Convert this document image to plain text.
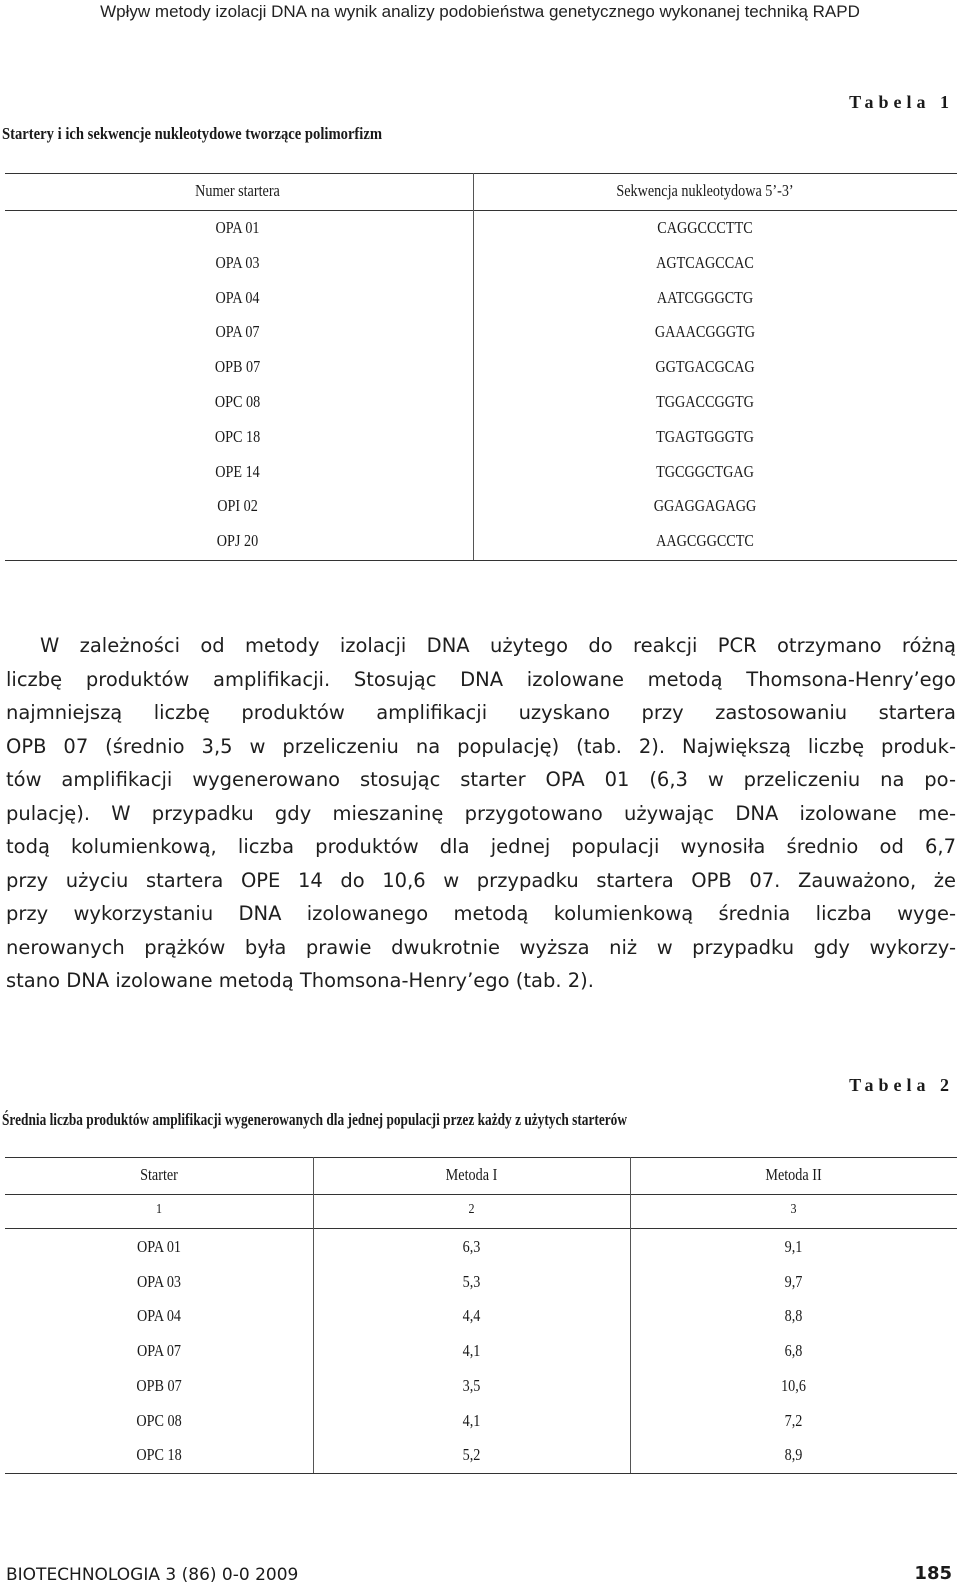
Wpływ metody izolacji DNA na wynik analizy podobieństwa genetycznego wykonanej techniką RAPD
Tabela 1
Startery i ich sekwencje nukleotydowe tworzące polimorfizm
Numer startera	Sekwencja nukleotydowa 5’-3’
OPA 01	CAGGCCCTTC
OPA 03	AGTCAGCCAC
OPA 04	AATCGGGCTG
OPA 07	GAAACGGGTG
OPB 07	GGTGACGCAG
OPC 08	TGGACCGGTG
OPC 18	TGAGTGGGTG
OPE 14	TGCGGCTGAG
OPI 02	GGAGGAGAGG
OPJ 20	AAGCGGCCTC
W zależności od metody izolacji DNA użytego do reakcji PCR otrzymano różną
liczbę produktów amplifikacji. Stosując DNA izolowane metodą Thomsona-Henry’ego
najmniejszą liczbę produktów amplifikacji uzyskano przy zastosowaniu startera
OPB 07 (średnio 3,5 w przeliczeniu na populację) (tab. 2). Największą liczbę produk-
tów amplifikacji wygenerowano stosując starter OPA 01 (6,3 w przeliczeniu na po-
pulację). W przypadku gdy mieszaninę przygotowano używając DNA izolowane me-
todą kolumienkową, liczba produktów dla jednej populacji wynosiła średnio od 6,7
przy użyciu startera OPE 14 do 10,6 w przypadku startera OPB 07. Zauważono, że
przy wykorzystaniu DNA izolowanego metodą kolumienkową średnia liczba wyge-
nerowanych prążków była prawie dwukrotnie wyższa niż w przypadku gdy wykorzy-
stano DNA izolowane metodą Thomsona-Henry’ego (tab. 2).
Tabela 2
Średnia liczba produktów amplifikacji wygenerowanych dla jednej populacji przez każdy z użytych starterów
Starter	Metoda I	Metoda II
1	2	3
OPA 01	6,3	9,1
OPA 03	5,3	9,7
OPA 04	4,4	8,8
OPA 07	4,1	6,8
OPB 07	3,5	10,6
OPC 08	4,1	7,2
OPC 18	5,2	8,9
BIOTECHNOLOGIA 3 (86) 0-0 2009	185
